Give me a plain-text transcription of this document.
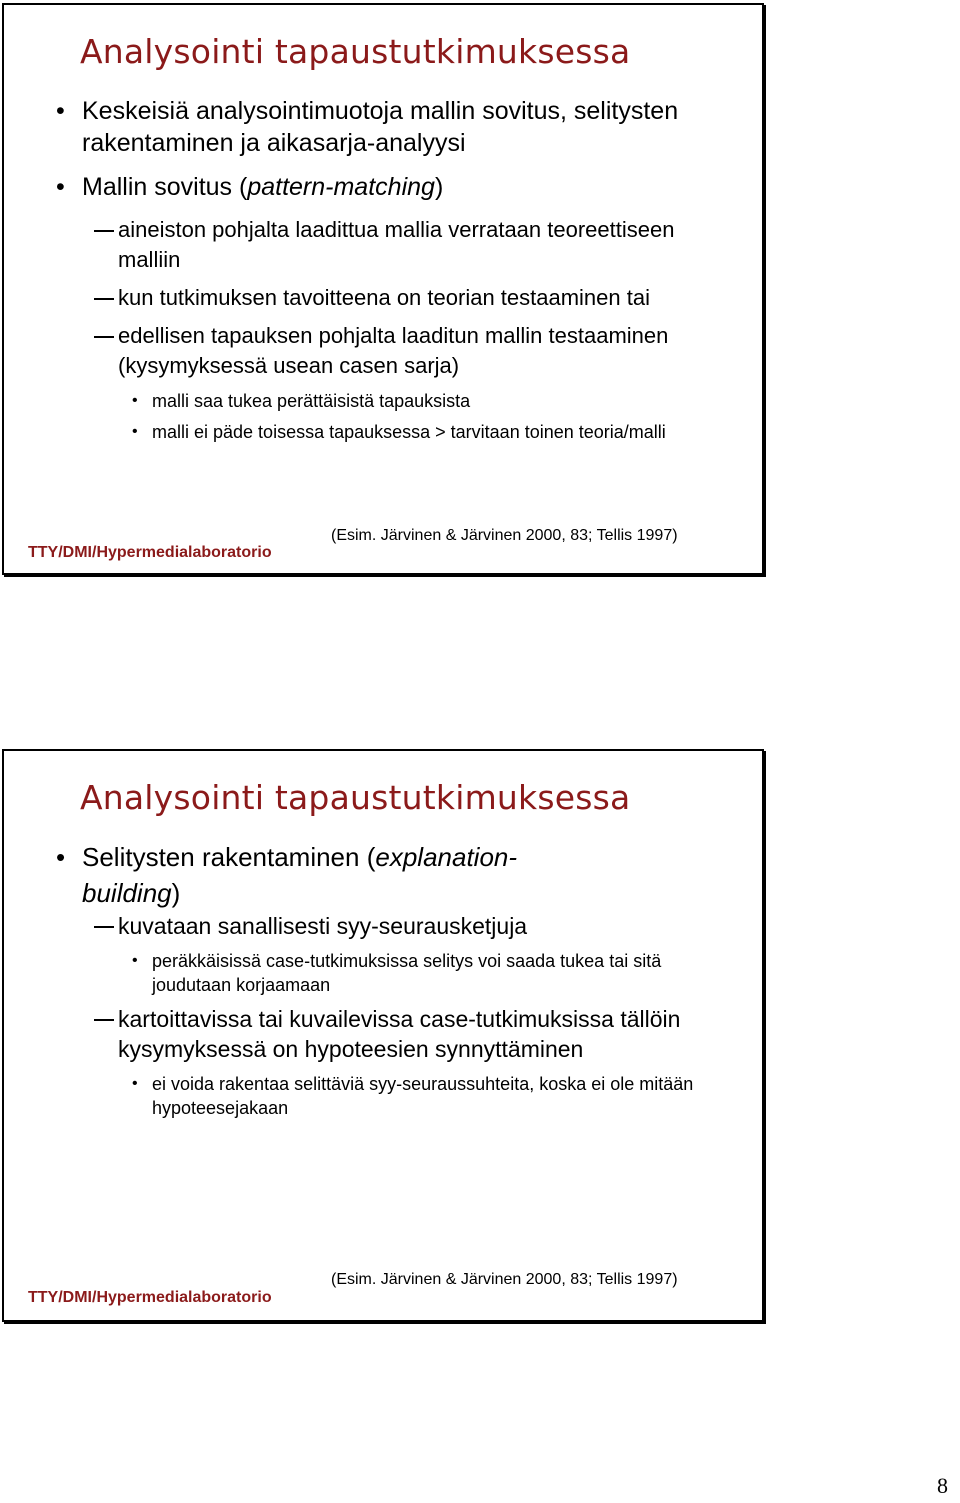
Analysointi tapaustutkimuksessa
• Keskeisiä analysointimuotoja mallin sovitus, selitysten rakentaminen ja aikasarja-analyysi
• Mallin sovitus (pattern-matching)
aineiston pohjalta laadittua mallia verrataan teoreettiseen malliin
kun tutkimuksen tavoitteena on teorian testaaminen tai
edellisen tapauksen pohjalta laaditun mallin testaaminen (kysymyksessä usean casen sarja)
• malli saa tukea perättäisistä tapauksista
• malli ei päde toisessa tapauksessa > tarvitaan toinen teoria/malli
(Esim. Järvinen & Järvinen 2000, 83; Tellis 1997)
TTY/DMI/Hypermedialaboratorio
Analysointi tapaustutkimuksessa
• Selitysten rakentaminen (explanation-building)
kuvataan sanallisesti syy-seurausketjuja
• peräkkäisissä case-tutkimuksissa selitys voi saada tukea tai sitä joudutaan korjaamaan
kartoittavissa tai kuvailevissa case-tutkimuksissa tällöin kysymyksessä on hypoteesien synnyttäminen
• ei voida rakentaa selittäviä syy-seuraussuhteita, koska ei ole mitään hypoteesejakaan
(Esim. Järvinen & Järvinen 2000, 83; Tellis 1997)
TTY/DMI/Hypermedialaboratorio
8
